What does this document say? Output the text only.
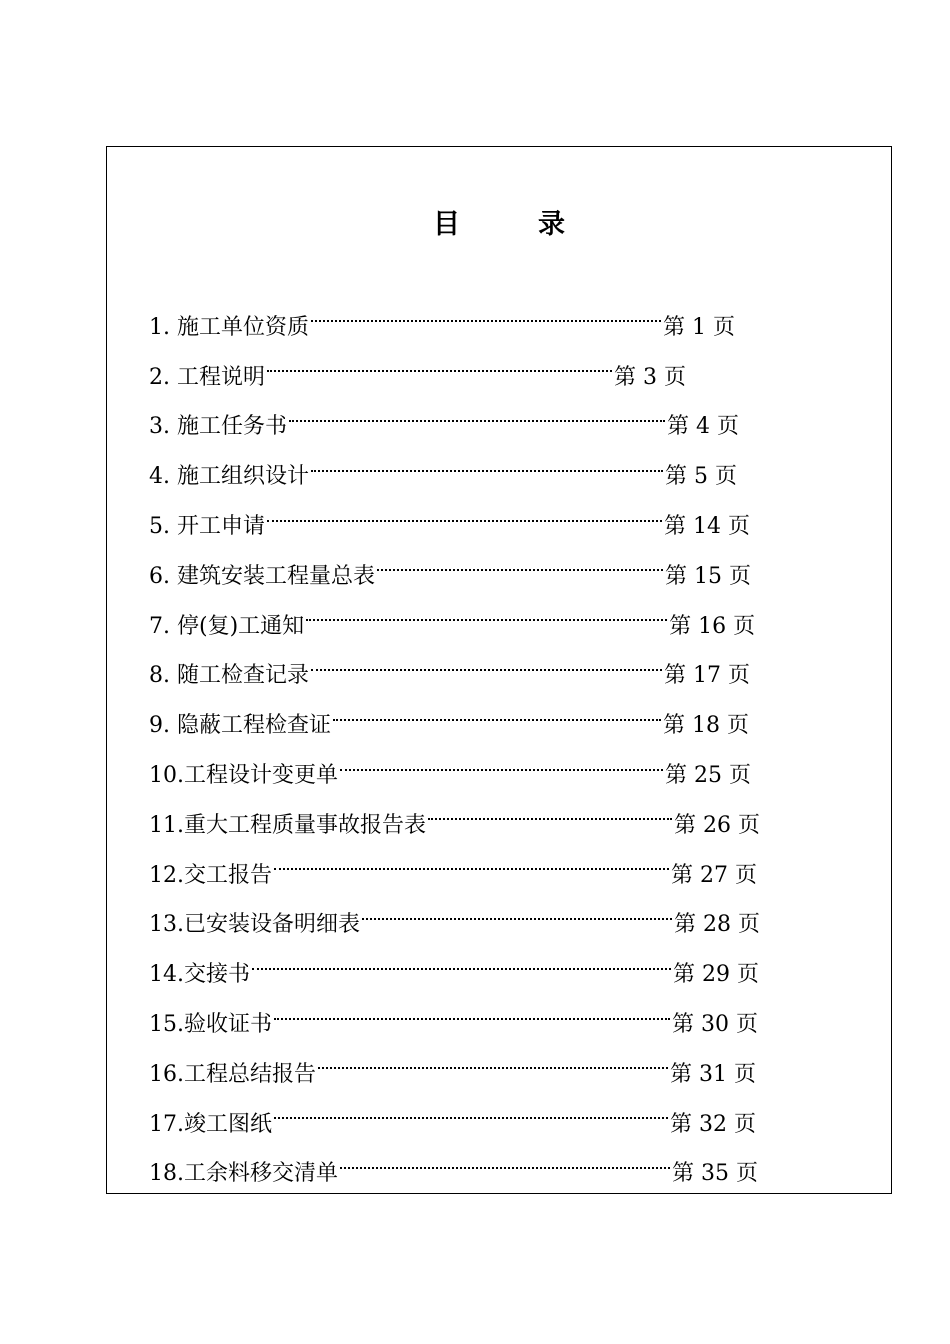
目	录
1. 施工单位资质	第 1 页
2. 工程说明	第 3 页
3. 施工任务书	第 4 页
4. 施工组织设计	第 5 页
5. 开工申请	第 14 页
6. 建筑安装工程量总表	第 15 页
7. 停(复)工通知	第 16 页
8. 随工检查记录	第 17 页
9. 隐蔽工程检查证	第 18 页
10.工程设计变更单	第 25 页
11.重大工程质量事故报告表	第 26 页
12.交工报告	第 27 页
13.已安装设备明细表	第 28 页
14.交接书	第 29 页
15.验收证书	第 30 页
16.工程总结报告	第 31 页
17.竣工图纸	第 32 页
18.工余料移交清单	第 35 页
